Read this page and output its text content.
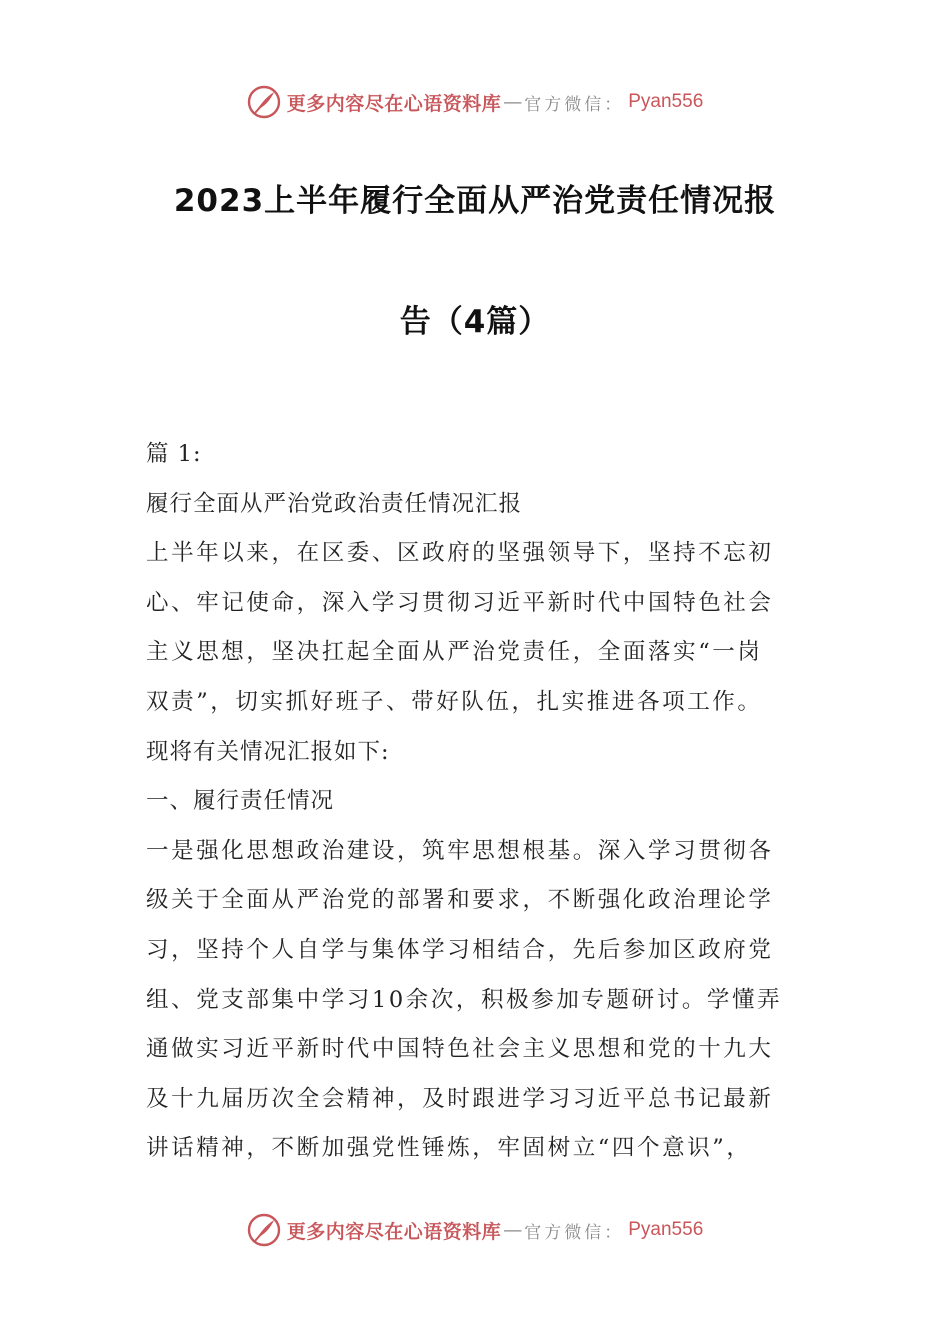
更多内容尽在心语资料库 — 官方微信： Pyan556
2023上半年履行全面从严治党责任情况报
告（4篇）
篇 1:
履行全面从严治党政治责任情况汇报
上半年以来，在区委、区政府的坚强领导下，坚持不忘初
心、牢记使命，深入学习贯彻习近平新时代中国特色社会
主义思想，坚决扛起全面从严治党责任，全面落实“一岗
双责”，切实抓好班子、带好队伍，扎实推进各项工作。
现将有关情况汇报如下:
一、履行责任情况
一是强化思想政治建设，筑牢思想根基。深入学习贯彻各
级关于全面从严治党的部署和要求，不断强化政治理论学
习，坚持个人自学与集体学习相结合，先后参加区政府党
组、党支部集中学习10余次，积极参加专题研讨。学懂弄
通做实习近平新时代中国特色社会主义思想和党的十九大
及十九届历次全会精神，及时跟进学习习近平总书记最新
讲话精神，不断加强党性锤炼，牢固树立“四个意识”，
更多内容尽在心语资料库 — 官方微信： Pyan556
